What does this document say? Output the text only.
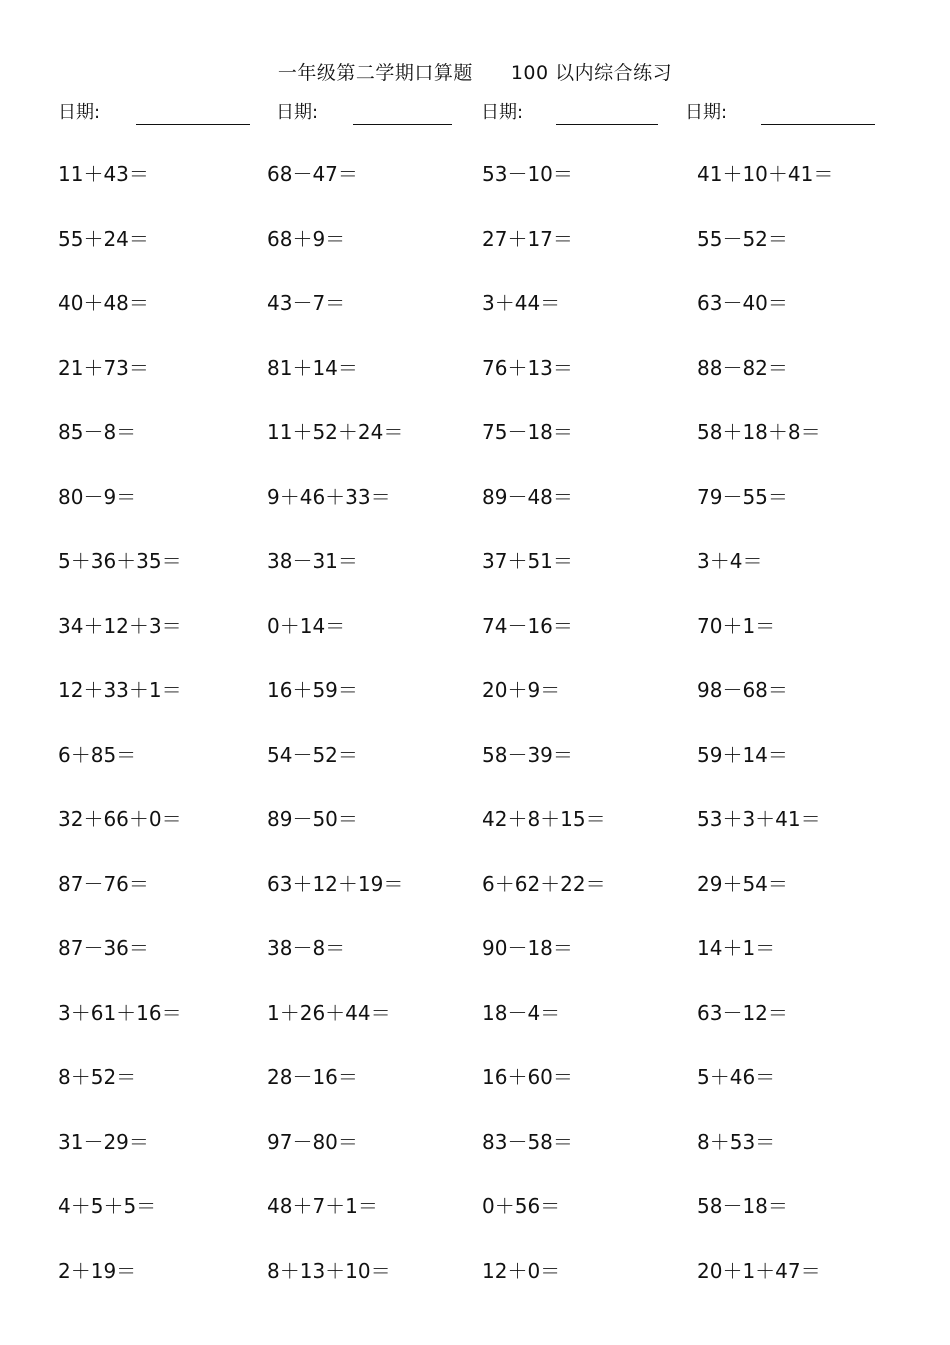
一年级第二学期口算题 100 以内综合练习
日期:	日期:	日期:	日期:
11＋43＝	68－47＝	53－10＝	41＋10＋41＝
55＋24＝	68＋9＝	27＋17＝	55－52＝
40＋48＝	43－7＝	3＋44＝	63－40＝
21＋73＝	81＋14＝	76＋13＝	88－82＝
85－8＝	11＋52＋24＝	75－18＝	58＋18＋8＝
80－9＝	9＋46＋33＝	89－48＝	79－55＝
5＋36＋35＝	38－31＝	37＋51＝	3＋4＝
34＋12＋3＝	0＋14＝	74－16＝	70＋1＝
12＋33＋1＝	16＋59＝	20＋9＝	98－68＝
6＋85＝	54－52＝	58－39＝	59＋14＝
32＋66＋0＝	89－50＝	42＋8＋15＝	53＋3＋41＝
87－76＝	63＋12＋19＝	6＋62＋22＝	29＋54＝
87－36＝	38－8＝	90－18＝	14＋1＝
3＋61＋16＝	1＋26＋44＝	18－4＝	63－12＝
8＋52＝	28－16＝	16＋60＝	5＋46＝
31－29＝	97－80＝	83－58＝	8＋53＝
4＋5＋5＝	48＋7＋1＝	0＋56＝	58－18＝
2＋19＝	8＋13＋10＝	12＋0＝	20＋1＋47＝
